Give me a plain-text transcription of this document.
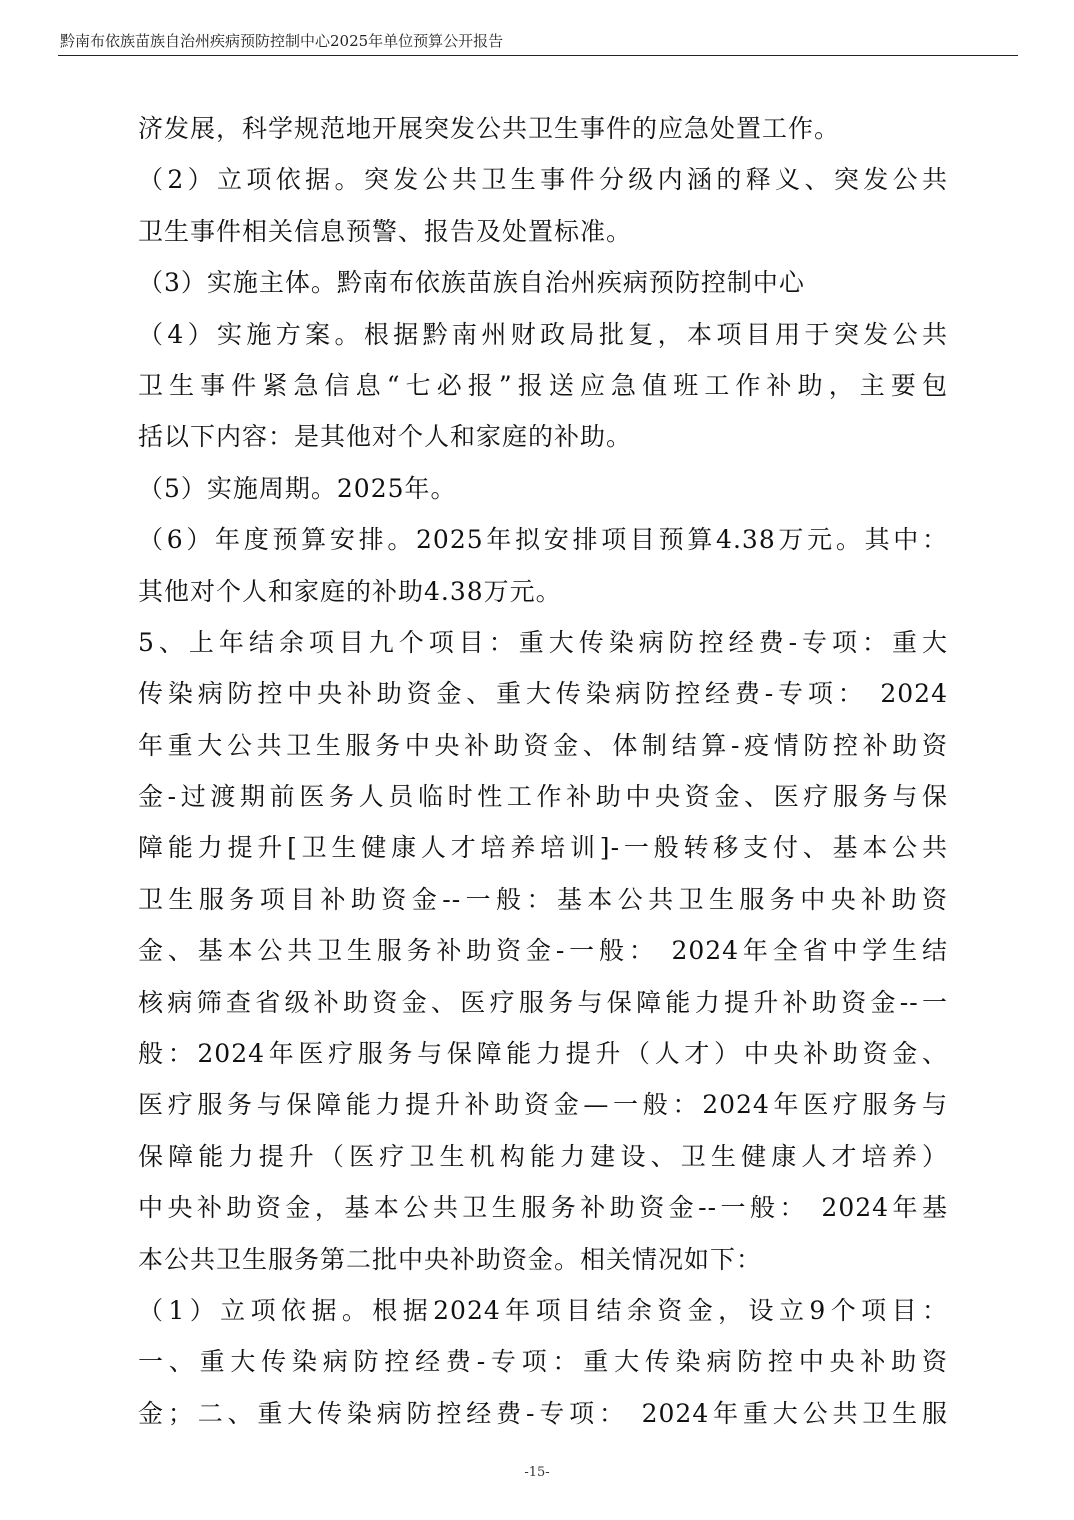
黔南布依族苗族自治州疾病预防控制中心2025年单位预算公开报告
济发展，科学规范地开展突发公共卫生事件的应急处置工作。
（2）立项依据。突发公共卫生事件分级内涵的释义、突发公共
卫生事件相关信息预警、报告及处置标准。
（3）实施主体。黔南布依族苗族自治州疾病预防控制中心
（4）实施方案。根据黔南州财政局批复，本项目用于突发公共
卫生事件紧急信息“七必报”报送应急值班工作补助，主要包
括以下内容：是其他对个人和家庭的补助。
（5）实施周期。2025年。
（6）年度预算安排。2025年拟安排项目预算4.38万元。其中：
其他对个人和家庭的补助4.38万元。
5、上年结余项目九个项目：重大传染病防控经费-专项：重大
传染病防控中央补助资金、重大传染病防控经费-专项： 2024
年重大公共卫生服务中央补助资金、体制结算-疫情防控补助资
金-过渡期前医务人员临时性工作补助中央资金、医疗服务与保
障能力提升[卫生健康人才培养培训]-一般转移支付、基本公共
卫生服务项目补助资金--一般：基本公共卫生服务中央补助资
金、基本公共卫生服务补助资金-一般： 2024年全省中学生结
核病筛查省级补助资金、医疗服务与保障能力提升补助资金--一
般：2024年医疗服务与保障能力提升（人才）中央补助资金、
医疗服务与保障能力提升补助资金—一般：2024年医疗服务与
保障能力提升（医疗卫生机构能力建设、卫生健康人才培养）
中央补助资金，基本公共卫生服务补助资金--一般： 2024年基
本公共卫生服务第二批中央补助资金。相关情况如下：
（1）立项依据。根据2024年项目结余资金，设立9个项目：
一、重大传染病防控经费-专项：重大传染病防控中央补助资
金；二、重大传染病防控经费-专项： 2024年重大公共卫生服
-15-
